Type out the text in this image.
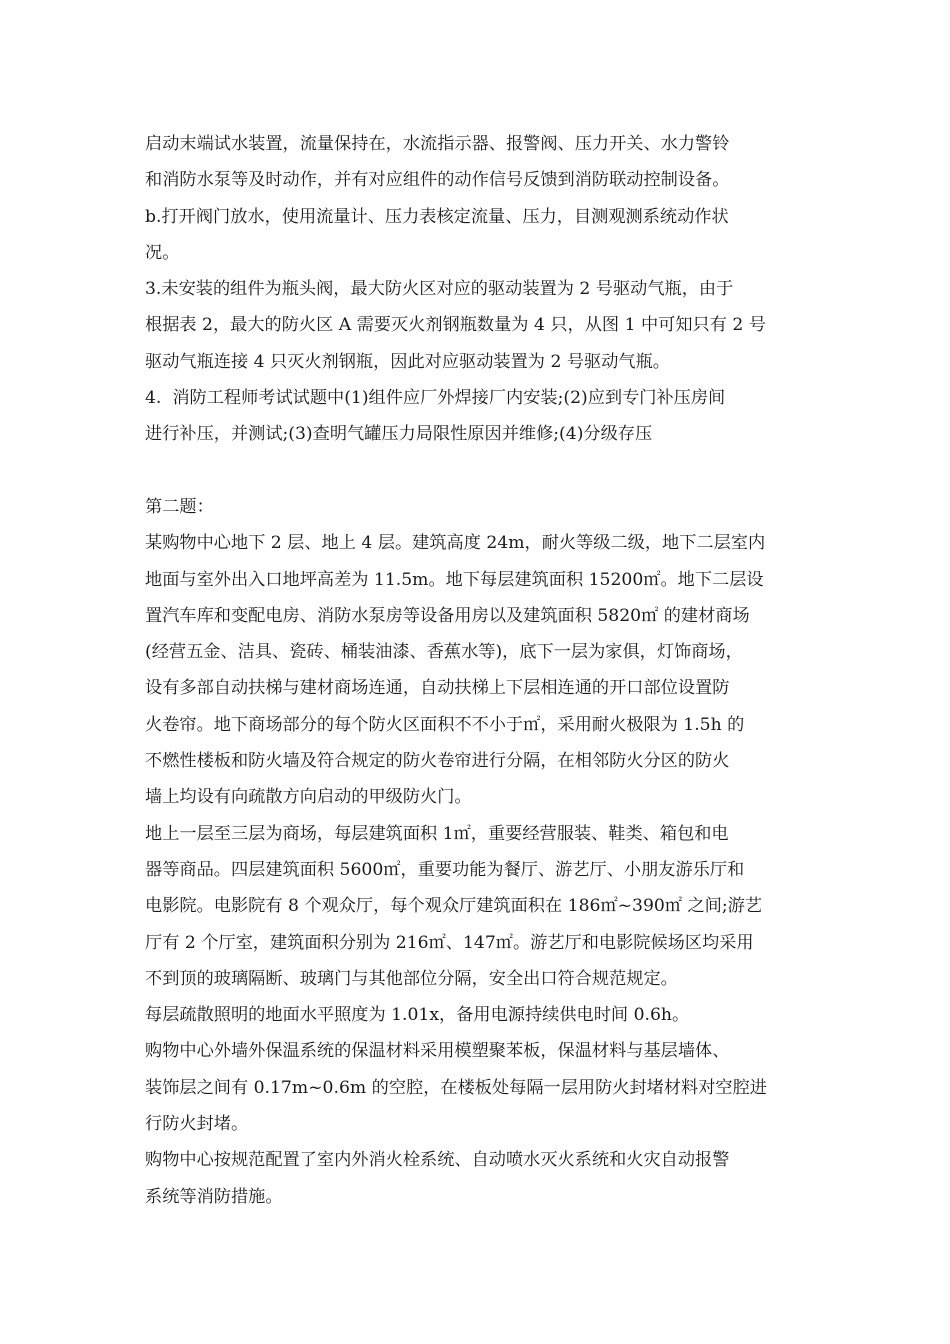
启动末端试水装置，流量保持在，水流指示器、报警阀、压力开关、水力警铃
和消防水泵等及时动作，并有对应组件的动作信号反馈到消防联动控制设备。
b.打开阀门放水，使用流量计、压力表核定流量、压力，目测观测系统动作状
况。
3.未安装的组件为瓶头阀，最大防火区对应的驱动装置为 2 号驱动气瓶，由于
根据表 2，最大的防火区 A 需要灭火剂钢瓶数量为 4 只，从图 1 中可知只有 2 号
驱动气瓶连接 4 只灭火剂钢瓶，因此对应驱动装置为 2 号驱动气瓶。
4.  消防工程师考试试题中(1)组件应厂外焊接厂内安装;(2)应到专门补压房间
进行补压，并测试;(3)查明气罐压力局限性原因并维修;(4)分级存压
第二题：
某购物中心地下 2 层、地上 4 层。建筑高度 24m，耐火等级二级，地下二层室内
地面与室外出入口地坪高差为 11.5m。地下每层建筑面积 15200㎡。地下二层设
置汽车库和变配电房、消防水泵房等设备用房以及建筑面积 5820㎡ 的建材商场
(经营五金、洁具、瓷砖、桶装油漆、香蕉水等)，底下一层为家俱，灯饰商场，
设有多部自动扶梯与建材商场连通，自动扶梯上下层相连通的开口部位设置防
火卷帘。地下商场部分的每个防火区面积不不小于㎡，采用耐火极限为 1.5h 的
不燃性楼板和防火墙及符合规定的防火卷帘进行分隔，在相邻防火分区的防火
墙上均设有向疏散方向启动的甲级防火门。
地上一层至三层为商场，每层建筑面积 1㎡，重要经营服装、鞋类、箱包和电
器等商品。四层建筑面积 5600㎡，重要功能为餐厅、游艺厅、小朋友游乐厅和
电影院。电影院有 8 个观众厅，每个观众厅建筑面积在 186㎡~390㎡ 之间;游艺
厅有 2 个厅室，建筑面积分别为 216㎡、147㎡。游艺厅和电影院候场区均采用
不到顶的玻璃隔断、玻璃门与其他部位分隔，安全出口符合规范规定。
每层疏散照明的地面水平照度为 1.01x，备用电源持续供电时间 0.6h。
购物中心外墙外保温系统的保温材料采用模塑聚苯板，保温材料与基层墙体、
装饰层之间有 0.17m~0.6m 的空腔，在楼板处每隔一层用防火封堵材料对空腔进
行防火封堵。
购物中心按规范配置了室内外消火栓系统、自动喷水灭火系统和火灾自动报警
系统等消防措施。
